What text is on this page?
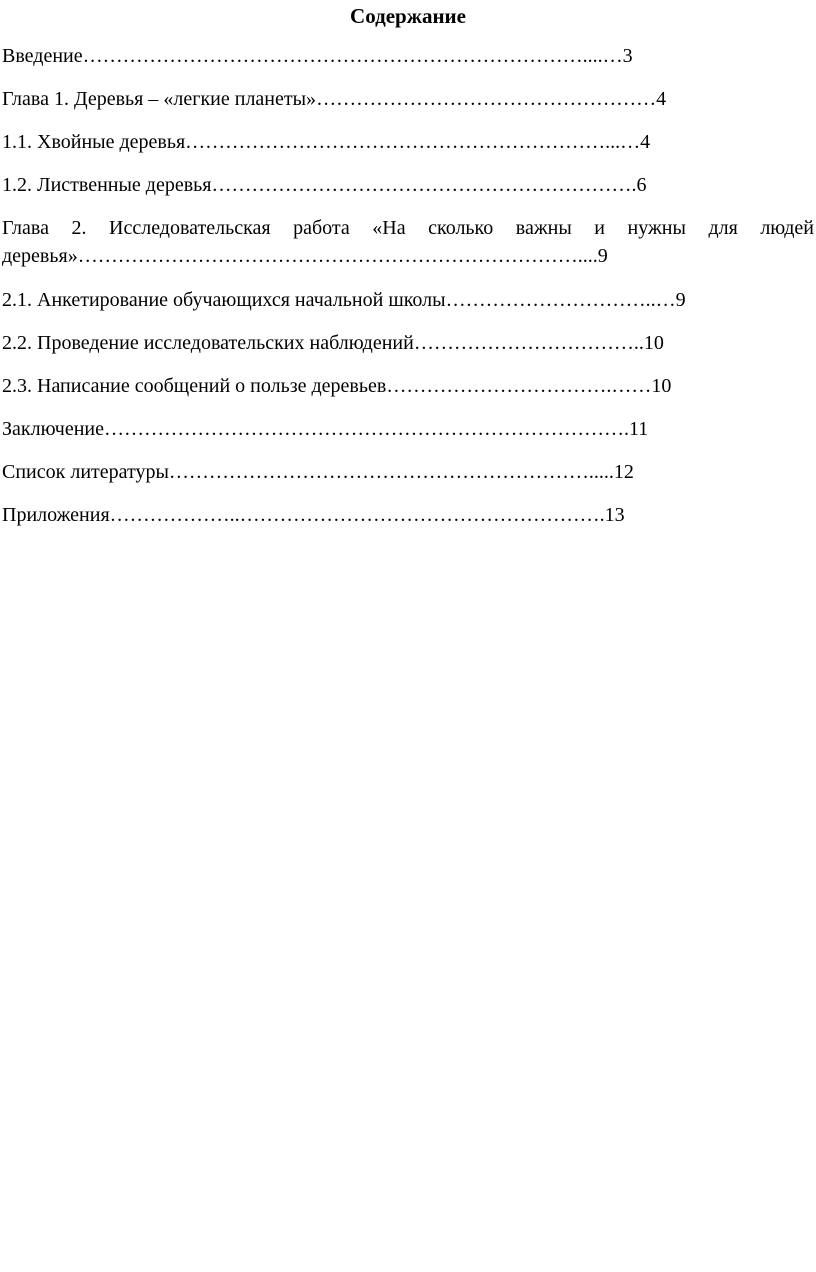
Содержание
Введение…………………………………………………………………....…3
Глава 1. Деревья – «легкие планеты»……………………………………………4
1.1. Хвойные деревья………………………………………………………...…4
1.2. Лиственные деревья……………………………………………………….6
Глава 2. Исследовательская работа «На сколько важны и нужны для людей деревья»…………………………………………………………………....9
2.1. Анкетирование обучающихся начальной школы…………………………..…9
2.2. Проведение исследовательских наблюдений……………………………..10
2.3. Написание сообщений о пользе деревьев…………………………….……10
Заключение…………………………………………………………………….11
Список литературы……………………………………………………….....12
Приложения………………..……………………………………………….13
